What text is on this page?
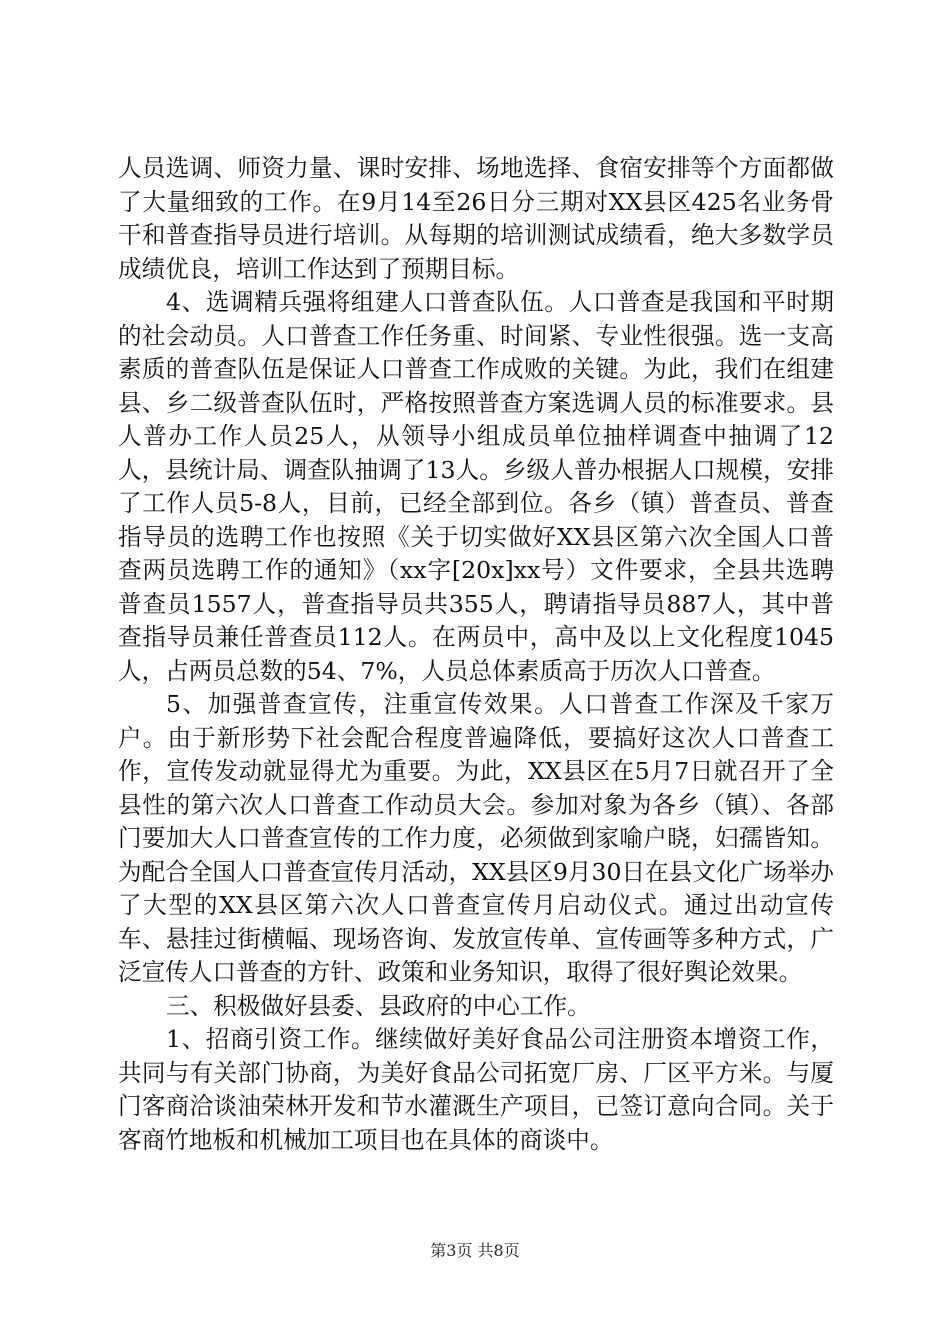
人员选调、师资力量、课时安排、场地选择、食宿安排等个方面都做了大量细致的工作。在9月14至26日分三期对XX县区425名业务骨干和普查指导员进行培训。从每期的培训测试成绩看，绝大多数学员成绩优良，培训工作达到了预期目标。

4、选调精兵强将组建人口普查队伍。人口普查是我国和平时期的社会动员。人口普查工作任务重、时间紧、专业性很强。选一支高素质的普查队伍是保证人口普查工作成败的关键。为此，我们在组建县、乡二级普查队伍时，严格按照普查方案选调人员的标准要求。县人普办工作人员25人，从领导小组成员单位抽样调查中抽调了12人，县统计局、调查队抽调了13人。乡级人普办根据人口规模，安排了工作人员5-8人，目前，已经全部到位。各乡（镇）普查员、普查指导员的选聘工作也按照《关于切实做好XX县区第六次全国人口普查两员选聘工作的通知》（xx字[20x]xx号）文件要求，全县共选聘普查员1557人，普查指导员共355人，聘请指导员887人，其中普查指导员兼任普查员112人。在两员中，高中及以上文化程度1045人，占两员总数的54、7%，人员总体素质高于历次人口普查。

5、加强普查宣传，注重宣传效果。人口普查工作深及千家万户。由于新形势下社会配合程度普遍降低，要搞好这次人口普查工作，宣传发动就显得尤为重要。为此，XX县区在5月7日就召开了全县性的第六次人口普查工作动员大会。参加对象为各乡（镇）、各部门要加大人口普查宣传的工作力度，必须做到家喻户晓，妇孺皆知。为配合全国人口普查宣传月活动，XX县区9月30日在县文化广场举办了大型的XX县区第六次人口普查宣传月启动仪式。通过出动宣传车、悬挂过街横幅、现场咨询、发放宣传单、宣传画等多种方式，广泛宣传人口普查的方针、政策和业务知识，取得了很好舆论效果。

三、积极做好县委、县政府的中心工作。

1、招商引资工作。继续做好美好食品公司注册资本增资工作，共同与有关部门协商，为美好食品公司拓宽厂房、厂区平方米。与厦门客商洽谈油荣林开发和节水灌溉生产项目，已签订意向合同。关于客商竹地板和机械加工项目也在具体的商谈中。

第3页 共8页
